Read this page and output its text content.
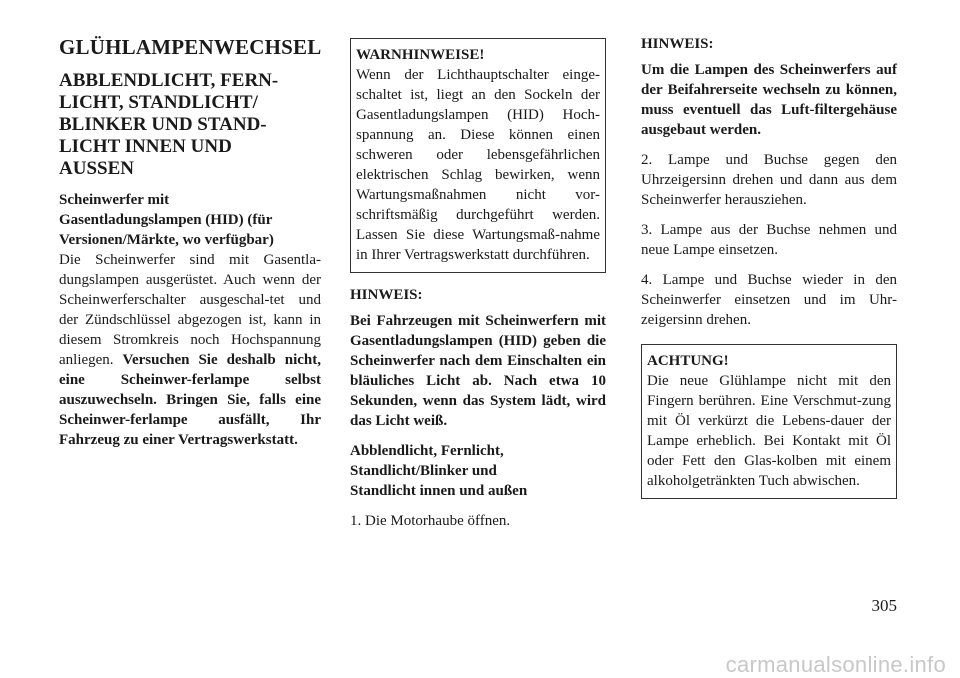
GLÜHLAMPENWECHSEL
ABBLENDLICHT, FERN-
LICHT, STANDLICHT/
BLINKER UND STAND-
LICHT INNEN UND
AUSSEN
Scheinwerfer mit
Gasentladungslampen (HID) (für
Versionen/Märkte, wo verfügbar)

Die Scheinwerfer sind mit Gasentla-dungslampen ausgerüstet. Auch wenn der Scheinwerferschalter ausgeschal-tet und der Zündschlüssel abgezogen ist, kann in diesem Stromkreis noch Hochspannung anliegen. Versuchen Sie deshalb nicht, eine Scheinwer-ferlampe selbst auszuwechseln. Bringen Sie, falls eine Scheinwer-ferlampe ausfällt, Ihr Fahrzeug zu einer Vertragswerkstatt.

WARNHINWEISE!

Wenn der Lichthauptschalter einge-schaltet ist, liegt an den Sockeln der Gasentladungslampen (HID) Hoch-spannung an. Diese können einen schweren oder lebensgefährlichen elektrischen Schlag bewirken, wenn Wartungsmaßnahmen nicht vor-schriftsmäßig durchgeführt werden. Lassen Sie diese Wartungsmaß-nahme in Ihrer Vertragswerkstatt durchführen.

HINWEIS:

Bei Fahrzeugen mit Scheinwerfern mit Gasentladungslampen (HID) geben die Scheinwerfer nach dem Einschalten ein bläuliches Licht ab. Nach etwa 10 Sekunden, wenn das System lädt, wird das Licht weiß.

Abblendlicht, Fernlicht,
Standlicht/Blinker und
Standlicht innen und außen

1. Die Motorhaube öffnen.

HINWEIS:

Um die Lampen des Scheinwerfers auf der Beifahrerseite wechseln zu können, muss eventuell das Luft-filtergehäuse ausgebaut werden.

2. Lampe und Buchse gegen den Uhrzeigersinn drehen und dann aus dem Scheinwerfer herausziehen.

3. Lampe aus der Buchse nehmen und neue Lampe einsetzen.

4. Lampe und Buchse wieder in den Scheinwerfer einsetzen und im Uhr-zeigersinn drehen.

ACHTUNG!

Die neue Glühlampe nicht mit den Fingern berühren. Eine Verschmut-zung mit Öl verkürzt die Lebens-dauer der Lampe erheblich. Bei Kontakt mit Öl oder Fett den Glas-kolben mit einem alkoholgetränkten Tuch abwischen.

305
carmanualsonline.info
